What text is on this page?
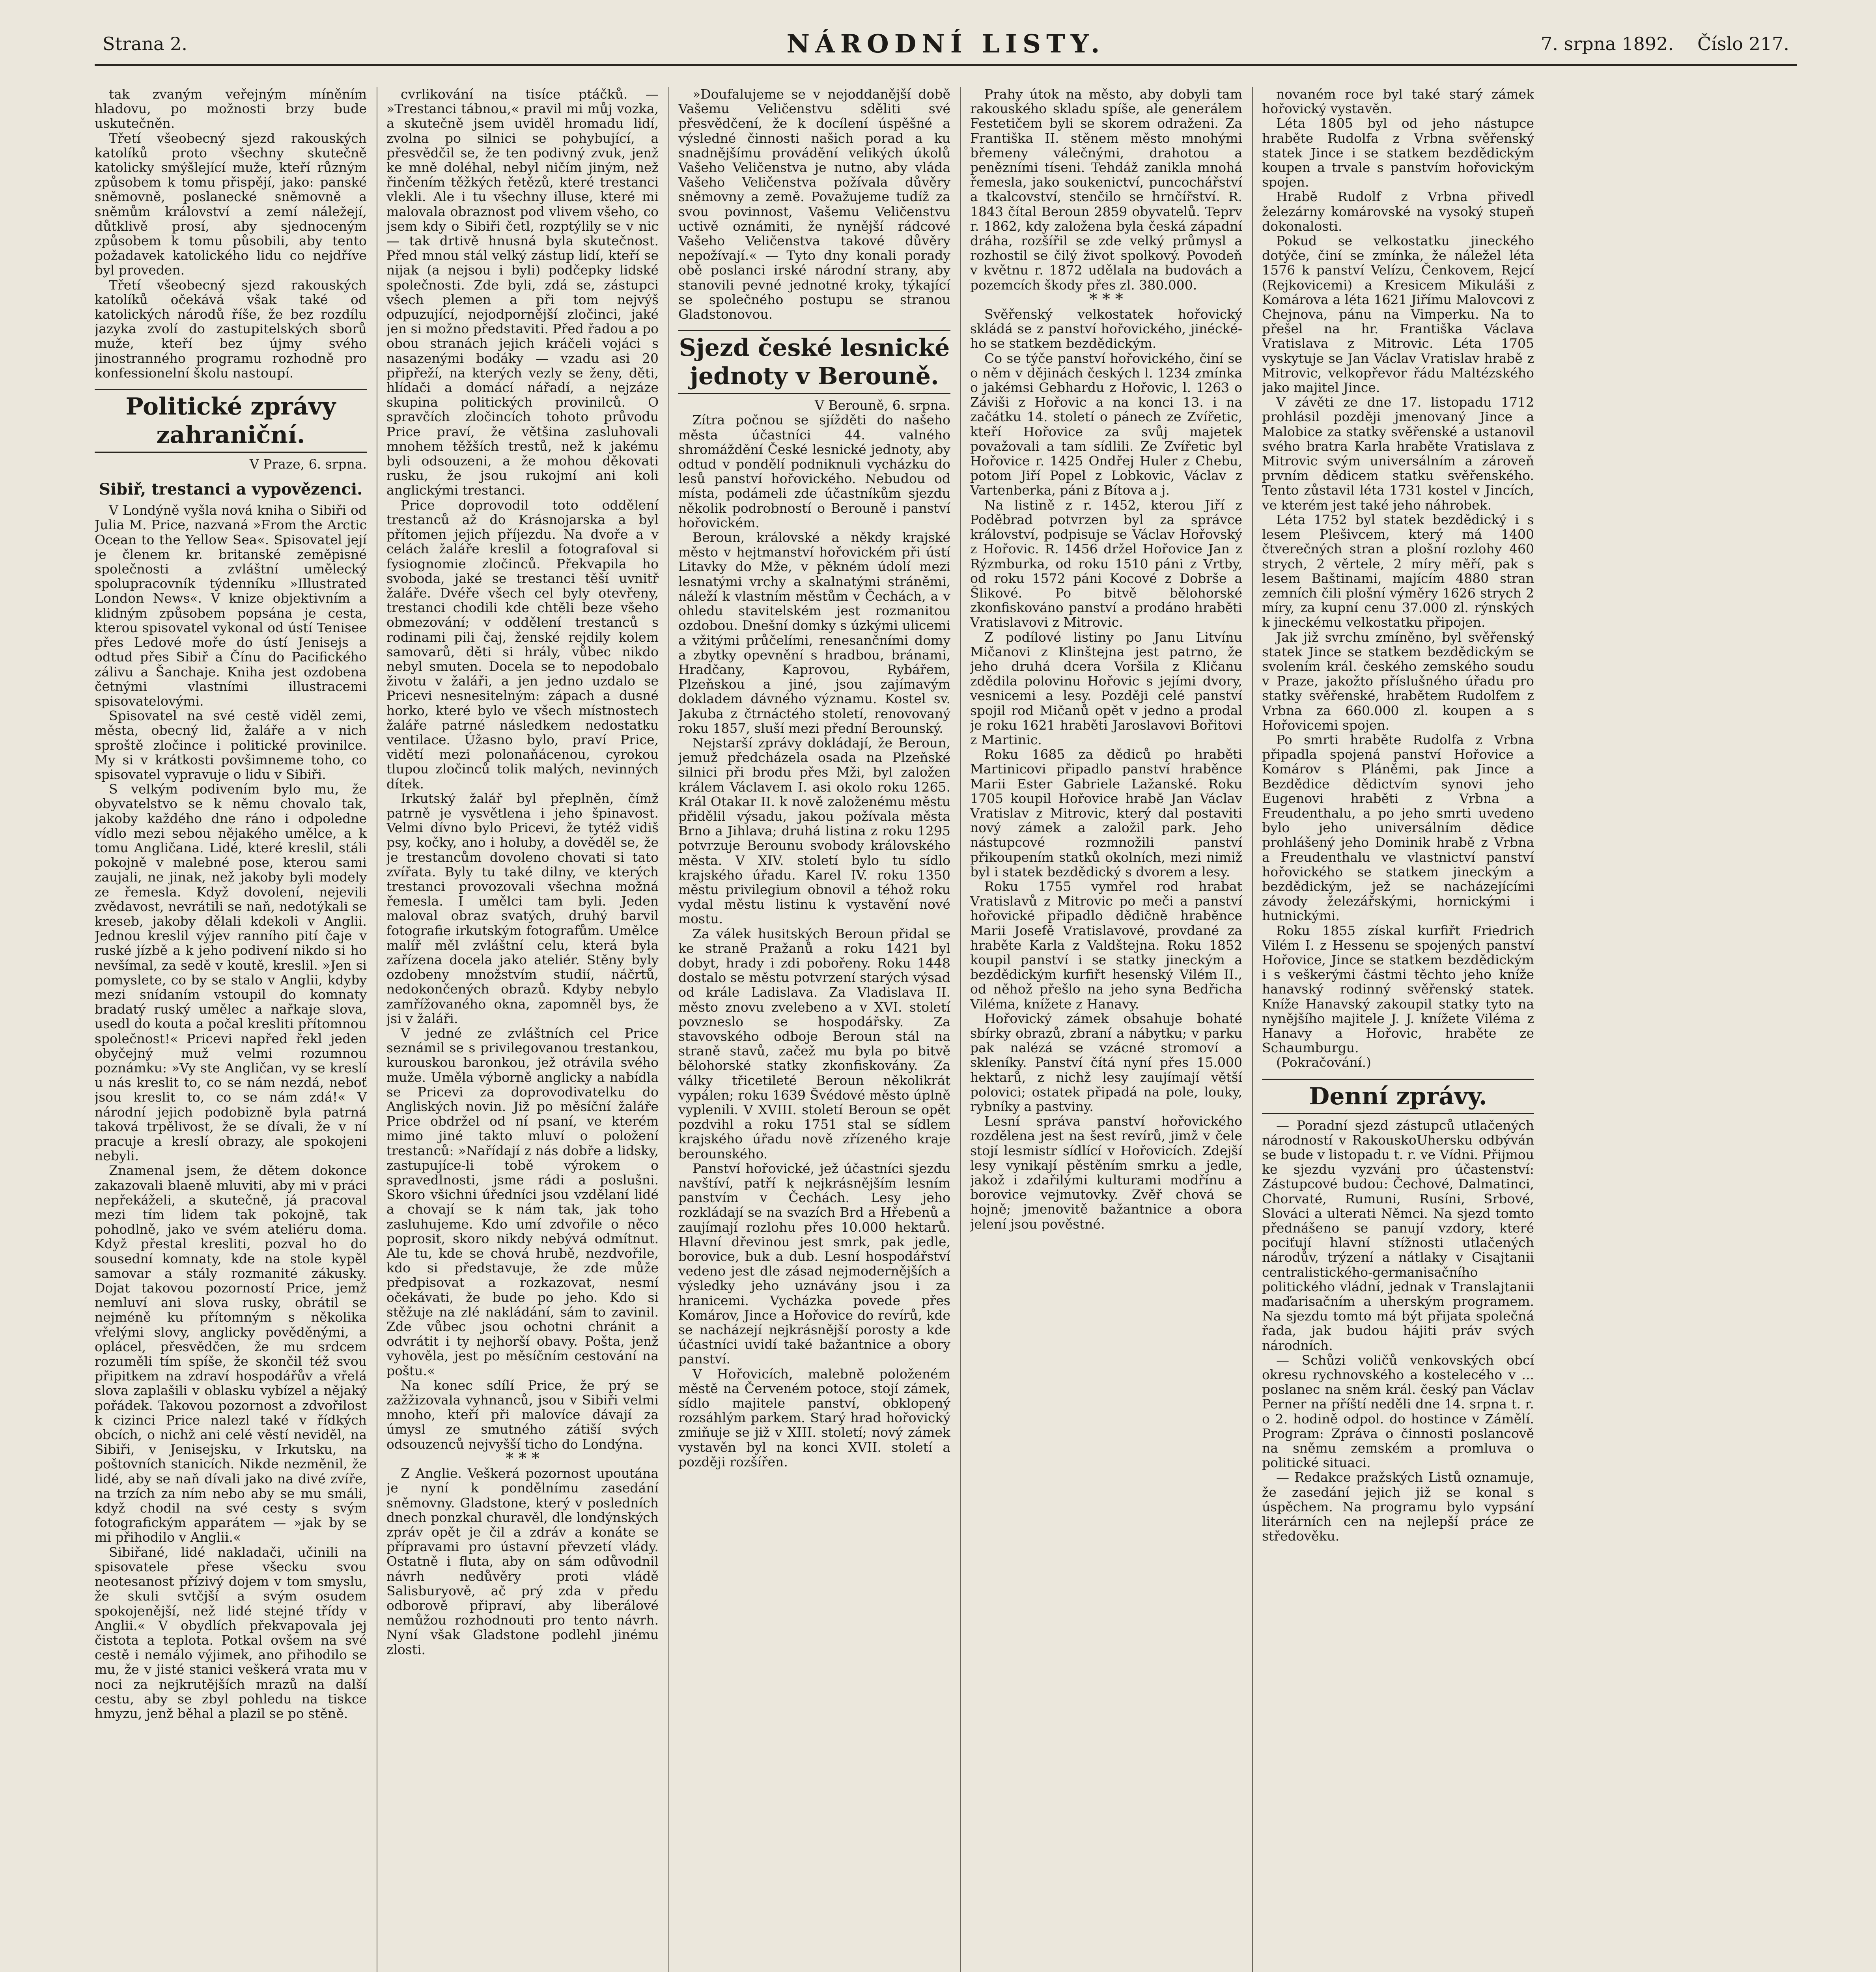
Strana 2.	NÁRODNÍ LISTY.	7. srpna 1892. Číslo 217.

tak zvaným veřejným míněním hladovu, po možnosti brzy bude uskutečněn.

Třetí všeobecný sjezd rakouských katolíků proto všechny skutečně katolicky smýšlející muže, kteří různým způsobem k tomu přispějí, jako: panské sněmovně, poslanecké sněmovně a sněmům království a zemí náležejí, důtklivě prosí, aby sjednoceným způsobem k tomu působili, aby tento požadavek katolického lidu co nejdříve byl proveden.

Třetí všeobecný sjezd rakouských katolíků očekává však také od katolických národů říše, že bez rozdílu jazyka zvolí do zastupitelských sborů muže, kteří bez újmy svého jinostranného programu rozhodně pro konfessionelní školu nastoupí.

Politické zprávy zahraniční.

V Praze, 6. srpna.

Sibiř, trestanci a vypovězenci.

V Londýně vyšla nová kniha o Sibiři od Julia M. Price, nazvaná »From the Arctic Ocean to the Yellow Sea«. Spisovatel její je členem kr. britanské zeměpisné společnosti a zvláštní umělecký spolupracovník týdenníku »Illustrated London News«. V knize objektivním a klidným způsobem popsána je cesta, kterou spisovatel vykonal od ústí Tenisee přes Ledové moře do ústí Jenisejs a odtud přes Sibiř a Čínu do Pacifického zálivu a Šanchaje. Kniha jest ozdobena četnými vlastními illustracemi spisovatelovými.

Spisovatel na své cestě viděl zemi, města, obecný lid, žaláře a v nich sproště zločince i politické provinilce. My si v krátkosti povšimneme toho, co spisovatel vypravuje o lidu v Sibiři.

S velkým podivením bylo mu, že obyvatelstvo se k němu chovalo tak, jakoby každého dne ráno i odpoledne vídlo mezi sebou nějakého umělce, a k tomu Angličana. Lidé, které kreslil, stáli pokojně v malebné pose, kterou sami zaujali, ne jinak, než jakoby byli modely ze řemesla. Když dovolení, nejevili zvědavost, nevrátili se naň, nedotýkali se kreseb, jakoby dělali kdekoli v Anglii. Jednou kreslil výjev ranního pití čaje v ruské jízbě a k jeho podivení nikdo si ho nevšímal, za sedě v koutě, kreslil. »Jen si pomyslete, co by se stalo v Anglii, kdyby mezi snídaním vstoupil do komnaty bradatý ruský umělec a nařkaje slova, usedl do kouta a počal kresliti přítomnou společnost!« Pricevi napřed řekl jeden obyčejný muž velmi rozumnou poznámku: »Vy ste Angličan, vy se kreslí u nás kreslit to, co se nám nezdá, neboť jsou kreslit to, co se nám zdá!« V národní jejich podobizně byla patrná taková trpělivost, že se dívali, že v ní pracuje a kreslí obrazy, ale spokojeni nebyli.

Znamenal jsem, že dětem dokonce zakazovali blaeně mluviti, aby mi v práci nepřekáželi, a skutečně, já pracoval mezi tím lidem tak pokojně, tak pohodlně, jako ve svém ateliéru doma. Když přestal kresliti, pozval ho do sousední komnaty, kde na stole kypěl samovar a stály rozmanité zákusky. Dojat takovou pozorností Price, jemž nemluví ani slova rusky, obrátil se nejméně ku přítomným s několika vřelými slovy, anglicky pověděnými, a oplácel, přesvědčen, že mu srdcem rozuměli tím spíše, že skončil též svou připitkem na zdraví hospodářův a vřelá slova zaplašili v oblasku vybízel a nějaký pořádek. Takovou pozornost a zdvořilost k cizinci Price nalezl také v řídkých obcích, o nichž ani celé věstí neviděl, na Sibiři, v Jenisejsku, v Irkutsku, na poštovních stanicích. Nikde nezměnil, že lidé, aby se naň dívali jako na divé zvíře, na trzích za ním nebo aby se mu smáli, když chodil na své cesty s svým fotografickým apparátem — »jak by se mi přihodilo v Anglii.«

Sibiřané, lidé nakladači, učinili na spisovatele přese všecku svou neotesanost přízivý dojem v tom smyslu, že skuli svtčjší a svým osudem spokojenější, než lidé stejné třídy v Anglii.« V obydlích překvapovala jej čistota a teplota. Potkal ovšem na své cestě i nemálo výjimek, ano přihodilo se mu, že v jisté stanici veškerá vrata mu v noci za nejkrutějších mrazů na další cestu, aby se zbyl pohledu na tiskce hmyzu, jenž běhal a plazil se po stěně.

cvrlikování na tisíce ptáčků. — »Trestanci tábnou,« pravil mi můj vozka, a skutečně jsem uviděl hromadu lidí, zvolna po silnici se pohybující, a přesvědčil se, že ten podivný zvuk, jenž ke mně doléhal, nebyl ničím jiným, než řinčením těžkých řetězů, které trestanci vlekli. Ale i tu všechny illuse, které mi malovala obraznost pod vlivem všeho, co jsem kdy o Sibiři četl, rozptýlily se v nic — tak drtivě hnusná byla skutečnost. Před mnou stál velký zástup lidí, kteří se nijak (a nejsou i byli) podčepky lidské společnosti. Zde byli, zdá se, zástupci všech plemen a při tom nejvýš odpuzující, nejodpornější zločinci, jaké jen si možno představiti. Před řadou a po obou stranách jejich kráčeli vojáci s nasazenými bodáky — vzadu asi 20 připřeží, na kterých vezly se ženy, děti, hlídači a domácí nářadí, a nejzáze skupina politických provinilců. O spravčích zločincích tohoto průvodu Price praví, že většina zasluhovali mnohem těžších trestů, než k jakému byli odsouzeni, a že mohou děkovati rusku, že jsou rukojmí ani koli anglickými trestanci.

Price doprovodil toto oddělení trestanců až do Krásnojarska a byl přítomen jejich příjezdu. Na dvoře a v celách žaláře kreslil a fotografoval si fysiognomie zločinců. Překvapila ho svoboda, jaké se trestanci těší uvnitř žaláře. Dvéře všech cel byly otevřeny, trestanci chodili kde chtěli beze všeho obmezování; v oddělení trestanců s rodinami pili čaj, ženské rejdily kolem samovarů, děti si hrály, vůbec nikdo nebyl smuten. Docela se to nepodobalo životu v žaláři, a jen jedno uzdalo se Pricevi nesnesitelným: zápach a dusné horko, které bylo ve všech místnostech žaláře patrné následkem nedostatku ventilace. Úžasno bylo, praví Price, vidětí mezi polonaňácenou, cyrokou tlupou zločinců tolik malých, nevinných dítek.

Irkutský žalář byl přeplněn, čímž patrně je vysvětlena i jeho špinavost. Velmi dívno bylo Pricevi, že tytéž vidiš psy, kočky, ano i holuby, a dověděl se, že je trestancům dovoleno chovati si tato zvířata. Byly tu také dilny, ve kterých trestanci provozovali všechna možná řemesla. I umělci tam byli. Jeden maloval obraz svatých, druhý barvil fotografie irkutským fotografům. Umělce malíř měl zvláštní celu, která byla zařízena docela jako ateliér. Stěny byly ozdobeny množstvím studií, náčrtů, nedokončených obrazů. Kdyby nebylo zamřížovaného okna, zapomněl bys, že jsi v žaláři.

V jedné ze zvláštních cel Price seznámil se s privilegovanou trestankou, kurouskou baronkou, jež otrávila svého muže. Uměla výborně anglicky a nabídla se Pricevi za doprovodivatelku do Angliských novin. Již po měsíční žaláře Price obdržel od ní psaní, ve kterém mimo jiné takto mluví o položení trestanců: »Nařídají z nás dobře a lidsky, zastupujíce-li tobě výrokem o spravedlnosti, jsme rádi a poslušni. Skoro všichni úředníci jsou vzdělaní lidé a chovají se k nám tak, jak toho zasluhujeme. Kdo umí zdvořile o něco poprosit, skoro nikdy nebývá odmítnut. Ale tu, kde se chová hrubě, nezdvořile, kdo si představuje, že zde může předpisovat a rozkazovat, nesmí očekávati, že bude po jeho. Kdo si stěžuje na zlé nakládání, sám to zavinil. Zde vůbec jsou ochotni chránit a odvrátit i ty nejhorší obavy. Pošta, jenž vyhověla, jest po měsíčním cestování na poštu.«

Na konec sdílí Price, že prý se zažžizovala vyhnanců, jsou v Sibiři velmi mnoho, kteří při malovíce dávají za úmysl ze smutného zátiší svých odsouzenců nejvyšší ticho do Londýna.

* * *

Z Anglie. Veškerá pozornost upoutána je nyní k pondělnímu zasedání sněmovny. Gladstone, který v posledních dnech ponzkal churavěl, dle londýnských zpráv opět je čil a zdráv a konáte se přípravami pro ústavní převzetí vlády. Ostatně i fluta, aby on sám odůvodnil návrh nedůvěry proti vládě Salisburyově, ač prý zda v předu odborově připraví, aby liberálové nemůžou rozhodnouti pro tento návrh. Nyní však Gladstone podlehl jinému zlosti.

»Doufalujeme se v nejoddanější době Vašemu Veličenstvu sděliti své přesvědčení, že k docílení úspěšné a výsledné činnosti našich porad a ku snadnějšímu provádění velikých úkolů Vašeho Veličenstva je nutno, aby vláda Vašeho Veličenstva požívala důvěry sněmovny a země. Považujeme tudíž za svou povinnost, Vašemu Veličenstvu uctivě oznámiti, že nynější rádcové Vašeho Veličenstva takové důvěry nepožívají.« — Tyto dny konali porady obě poslanci irské národní strany, aby stanovili pevné jednotné kroky, týkající se společného postupu se stranou Gladstonovou.

Sjezd české lesnické jednoty v Berouně.

V Berouně, 6. srpna.

Zítra počnou se sjížděti do našeho města účastníci 44. valného shromáždění České lesnické jednoty, aby odtud v pondělí podniknuli vycházku do lesů panství hořovického. Nebudou od místa, podámeli zde účastníkům sjezdu několik podrobností o Berouně i panství hořovickém.

Beroun, královské a někdy krajské město v hejtmanství hořovickém při ústí Litavky do Mže, v pěkném údolí mezi lesnatými vrchy a skalnatými stráněmi, náleží k vlastním městům v Čechách, a v ohledu stavitelském jest rozmanitou ozdobou. Dnešní domky s úzkými ulicemi a vžitými průčelími, renesančními domy a zbytky opevnění s hradbou, bránami, Hradčany, Kaprovou, Rybářem, Plzeňskou a jiné, jsou zajímavým dokladem dávného významu. Kostel sv. Jakuba z čtrnáctého století, renovovaný roku 1857, sluší mezi přední Berounský.

Nejstarší zprávy dokládají, že Beroun, jemuž předcházela osada na Plzeňské silnici při brodu přes Mži, byl založen králem Václavem I. asi okolo roku 1265. Král Otakar II. k nově založenému městu přidělil výsadu, jakou požívala města Brno a Jihlava; druhá listina z roku 1295 potvrzuje Berounu svobody královského města. V XIV. století bylo tu sídlo krajského úřadu. Karel IV. roku 1350 městu privilegium obnovil a téhož roku vydal městu listinu k vystavění nové mostu.

Za válek husitských Beroun přidal se ke straně Pražanů a roku 1421 byl dobyt, hrady i zdi pobořeny. Roku 1448 dostalo se městu potvrzení starých výsad od krále Ladislava. Za Vladislava II. město znovu zvelebeno a v XVI. století povzneslo se hospodářsky. Za stavovského odboje Beroun stál na straně stavů, začež mu byla po bitvě bělohorské statky zkonfiskovány. Za války třicetileté Beroun několikrát vypálen; roku 1639 Švédové město úplně vyplenili. V XVIII. století Beroun se opět pozdvihl a roku 1751 stal se sídlem krajského úřadu nově zřízeného kraje berounského.

Panství hořovické, jež účastníci sjezdu navštíví, patří k nejkrásnějším lesním panstvím v Čechách. Lesy jeho rozkládají se na svazích Brd a Hřebenů a zaujímají rozlohu přes 10.000 hektarů. Hlavní dřevinou jest smrk, pak jedle, borovice, buk a dub. Lesní hospodářství vedeno jest dle zásad nejmodernějších a výsledky jeho uznávány jsou i za hranicemi. Vycházka povede přes Komárov, Jince a Hořovice do revírů, kde se nacházejí nejkrásnější porosty a kde účastníci uvidí také bažantnice a obory panství.

V Hořovicích, malebně položeném městě na Červeném potoce, stojí zámek, sídlo majitele panství, obklopený rozsáhlým parkem. Starý hrad hořovický zmiňuje se již v XIII. století; nový zámek vystavěn byl na konci XVII. století a později rozšířen.

Prahy útok na město, aby dobyli tam rakouského skladu spíše, ale generálem Festetičem byli se skorem odraženi. Za Františka II. stěnem město mnohými břemeny válečnými, drahotou a penězními tíseni. Tehdáž zanikla mnohá řemesla, jako soukenictví, puncochářství a tkalcovství, stenčilo se hrnčířství. R. 1843 čítal Beroun 2859 obyvatelů. Teprv r. 1862, kdy založena byla česká západní dráha, rozšířil se zde velký průmysl a rozhostil se čilý život spolkový. Povodeň v květnu r. 1872 udělala na budovách a pozemcích škody přes zl. 380.000.

* * *

Svěřenský velkostatek hořovický skládá se z panství hořovického, jinéckého se statkem bezdědickým.

Co se týče panství hořovického, činí se o něm v dějinách českých l. 1234 zmínka o jakémsi Gebhardu z Hořovic, l. 1263 o Záviši z Hořovic a na konci 13. i na začátku 14. století o pánech ze Zvířetic, kteří Hořovice za svůj majetek považovali a tam sídlili. Ze Zvířetic byl Hořovice r. 1425 Ondřej Huler z Chebu, potom Jiří Popel z Lobkovic, Václav z Vartenberka, páni z Bítova a j.

Na listině z r. 1452, kterou Jiří z Poděbrad potvrzen byl za správce království, podpisuje se Václav Hořovský z Hořovic. R. 1456 držel Hořovice Jan z Rýzmburka, od roku 1510 páni z Vrtby, od roku 1572 páni Kocové z Dobrše a Šlikové. Po bitvě bělohorské zkonfiskováno panství a prodáno hraběti Vratislavovi z Mitrovic.

Z podílové listiny po Janu Litvínu Mičanovi z Klinštejna jest patrno, že jeho druhá dcera Voršila z Kličanu zdědila polovinu Hořovic s jejími dvory, vesnicemi a lesy. Později celé panství spojil rod Mičanů opět v jedno a prodal je roku 1621 hraběti Jaroslavovi Bořitovi z Martinic.

Roku 1685 za dědiců po hraběti Martinicovi připadlo panství hraběnce Marii Ester Gabriele Lažanské. Roku 1705 koupil Hořovice hrabě Jan Václav Vratislav z Mitrovic, který dal postaviti nový zámek a založil park. Jeho nástupcové rozmnožili panství přikoupením statků okolních, mezi nimiž byl i statek bezdědický s dvorem a lesy.

Roku 1755 vymřel rod hrabat Vratislavů z Mitrovic po meči a panství hořovické připadlo dědičně hraběnce Marii Josefě Vratislavové, provdané za hraběte Karla z Valdštejna. Roku 1852 koupil panství i se statky jineckým a bezdědickým kurfiřt hesenský Vilém II., od něhož přešlo na jeho syna Bedřicha Viléma, knížete z Hanavy.

Hořovický zámek obsahuje bohaté sbírky obrazů, zbraní a nábytku; v parku pak nalézá se vzácné stromoví a skleníky. Panství čítá nyní přes 15.000 hektarů, z nichž lesy zaujímají větší polovici; ostatek připadá na pole, louky, rybníky a pastviny.

Lesní správa panství hořovického rozdělena jest na šest revírů, jimž v čele stojí lesmistr sídlící v Hořovicích. Zdejší lesy vynikají pěstěním smrku a jedle, jakož i zdařilými kulturami modřínu a borovice vejmutovky. Zvěř chová se hojně; jmenovitě bažantnice a obora jelení jsou pověstné.

novaném roce byl také starý zámek hořovický vystavěn.

Léta 1805 byl od jeho nástupce hraběte Rudolfa z Vrbna svěřenský statek Jince i se statkem bezdědickým koupen a trvale s panstvím hořovickým spojen.

Hrabě Rudolf z Vrbna přivedl železárny komárovské na vysoký stupeň dokonalosti.

Pokud se velkostatku jineckého dotýče, činí se zmínka, že náležel léta 1576 k panství Velízu, Čenkovem, Rejcí (Rejkovicemi) a Kresicem Mikuláši z Komárova a léta 1621 Jiřímu Malovcovi z Chejnova, pánu na Vimperku. Na to přešel na hr. Františka Václava Vratislava z Mitrovic. Léta 1705 vyskytuje se Jan Václav Vratislav hrabě z Mitrovic, velkopřevor řádu Maltézského jako majitel Jince.

V závěti ze dne 17. listopadu 1712 prohlásil později jmenovaný Jince a Malobice za statky svěřenské a ustanovil svého bratra Karla hraběte Vratislava z Mitrovic svým universálním a zároveň prvním dědicem statku svěřenského. Tento zůstavil léta 1731 kostel v Jincích, ve kterém jest také jeho náhrobek.

Léta 1752 byl statek bezdědický i s lesem Plešivcem, který má 1400 čtverečných stran a plošní rozlohy 460 strych, 2 věrtele, 2 míry měří, pak s lesem Baštinami, majícím 4880 stran zemních čili plošní výměry 1626 strych 2 míry, za kupní cenu 37.000 zl. rýnských k jineckému velkostatku připojen.

Jak již svrchu zmíněno, byl svěřenský statek Jince se statkem bezdědickým se svolením král. českého zemského soudu v Praze, jakožto příslušného úřadu pro statky svěřenské, hrabětem Rudolfem z Vrbna za 660.000 zl. koupen a s Hořovicemi spojen.

Po smrti hraběte Rudolfa z Vrbna připadla spojená panství Hořovice a Komárov s Pláněmi, pak Jince a Bezdědice dědictvím synovi jeho Eugenovi hraběti z Vrbna a Freudenthalu, a po jeho smrti uvedeno bylo jeho universálním dědice prohlášený jeho Dominik hrabě z Vrbna a Freudenthalu ve vlastnictví panství hořovického se statkem jineckým a bezdědickým, jež se nacházejícími závody železářskými, hornickými i hutnickými.

Roku 1855 získal kurfiřt Friedrich Vilém I. z Hessenu se spojených panství Hořovice, Jince se statkem bezdědickým i s veškerými částmi těchto jeho kníže hanavský rodinný svěřenský statek. Kníže Hanavský zakoupil statky tyto na nynějšího majitele J. J. knížete Viléma z Hanavy a Hořovic, hraběte ze Schaumburgu.

(Pokračování.)

Denní zprávy.

— Poradní sjezd zástupců utlačených národností v RakouskoUhersku odbýván se bude v listopadu t. r. ve Vídni. Přijmou ke sjezdu vyzváni pro účastenství: Zástupcové budou: Čechové, Dalmatinci, Chorvaté, Rumuni, Rusíni, Srbové, Slováci a ulterati Němci. Na sjezd tomto přednášeno se panují vzdory, které pociťují hlavní stížnosti utlačených národův, trýzení a nátlaky v Cisajtanii centralistického-germanisačního politického vládní, jednak v Translajtanii maďarisačním a uherským programem. Na sjezdu tomto má být přijata společná řada, jak budou hájiti práv svých národních.

— Schůzi voličů venkovských obcí okresu rychnovského a kostelecého v ... poslanec na sněm král. český pan Václav Perner na příští neděli dne 14. srpna t. r. o 2. hodině odpol. do hostince v Zámělí. Program: Zpráva o činnosti poslancově na sněmu zemském a promluva o politické situaci.

— Redakce pražských Listů oznamuje, že zasedání jejich již se konal s úspěchem. Na programu bylo vypsání literárních cen na nejlepší práce ze středověku.
